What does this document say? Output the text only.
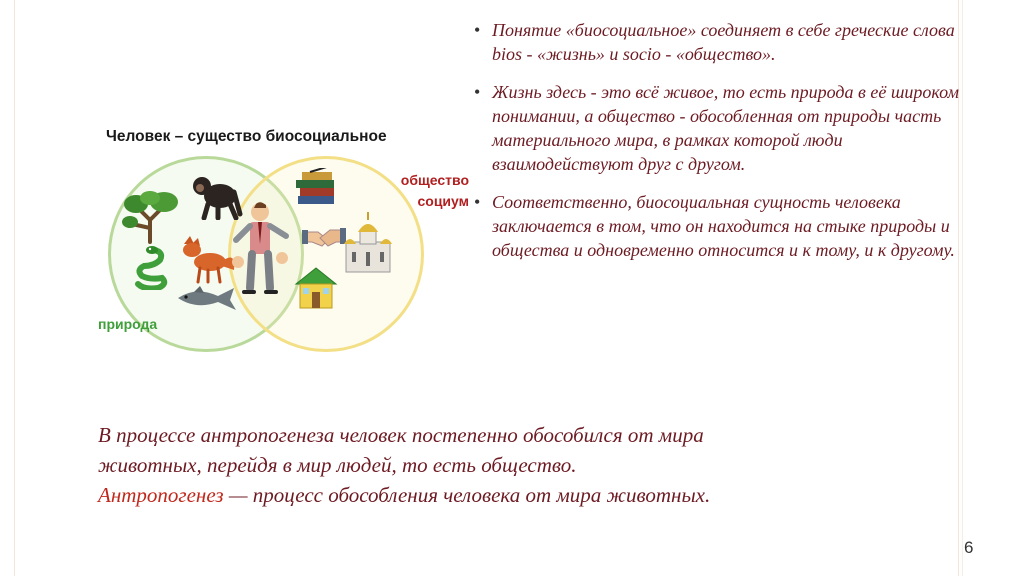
Человек – существо биосоциальное
общество
социум
природа
• Понятие «биосоциальное» соединяет в себе греческие слова bios - «жизнь» и socio - «общество».
• Жизнь здесь - это всё живое, то есть природа в её широком понимании, а общество - обособленная от природы часть материального мира, в рамках которой люди взаимодействуют друг с другом.
• Соответственно, биосоциальная сущность человека заключается в том, что он находится на стыке природы и общества и одновременно относится и к тому, и к другому.
В процессе антропогенеза человек постепенно обособился от мира
животных, перейдя в мир людей, то есть общество.
Антропогенез — процесс обособления человека от мира животных.
6
